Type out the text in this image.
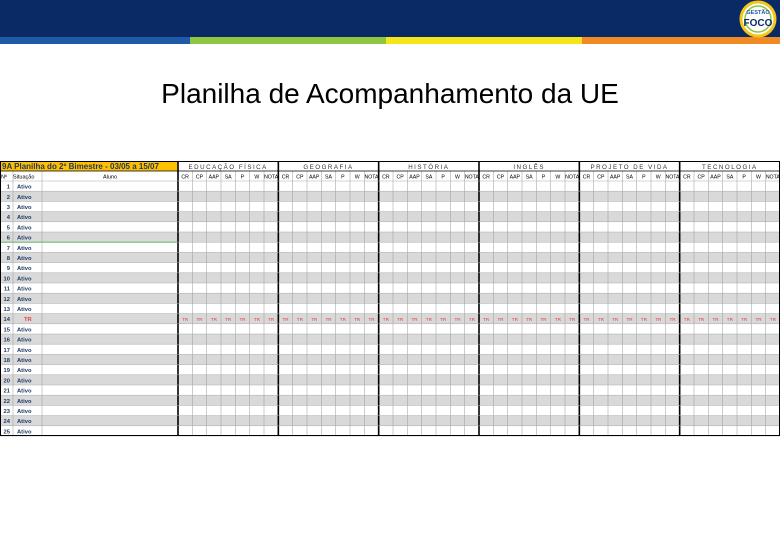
GESTÃO
FOCO
Planilha de Acompanhamento da UE
9A Planilha do 2º Bimestre - 03/05 a 15/07
Nº Situação	Aluno
EDUCAÇÃO FÍSICA
CR CP AAP SA P W NOTA
GEOGRAFIA
CR CP AAP SA P W NOTA
HISTÓRIA
CR CP AAP SA P W NOTA
INGLÊS
CR CP AAP SA P W NOTA
PROJETO DE VIDA
CR CP AAP SA P W NOTA
TECNOLOGIA
CR CP AAP SA P W NOTA
1 Ativo
2 Ativo
3 Ativo
4 Ativo
5 Ativo
6 Ativo
7 Ativo
8 Ativo
9 Ativo
10 Ativo
11 Ativo
12 Ativo
13 Ativo
14 TR	TR TR TR TR TR TR TR TR TR TR TR TR TR TR TR TR TR TR TR TR TR TR TR TR TR TR TR TR TR TR TR TR TR TR TR TR TR TR TR TR TR TR
15 Ativo
16 Ativo
17 Ativo
18 Ativo
19 Ativo
20 Ativo
21 Ativo
22 Ativo
23 Ativo
24 Ativo
25 Ativo
